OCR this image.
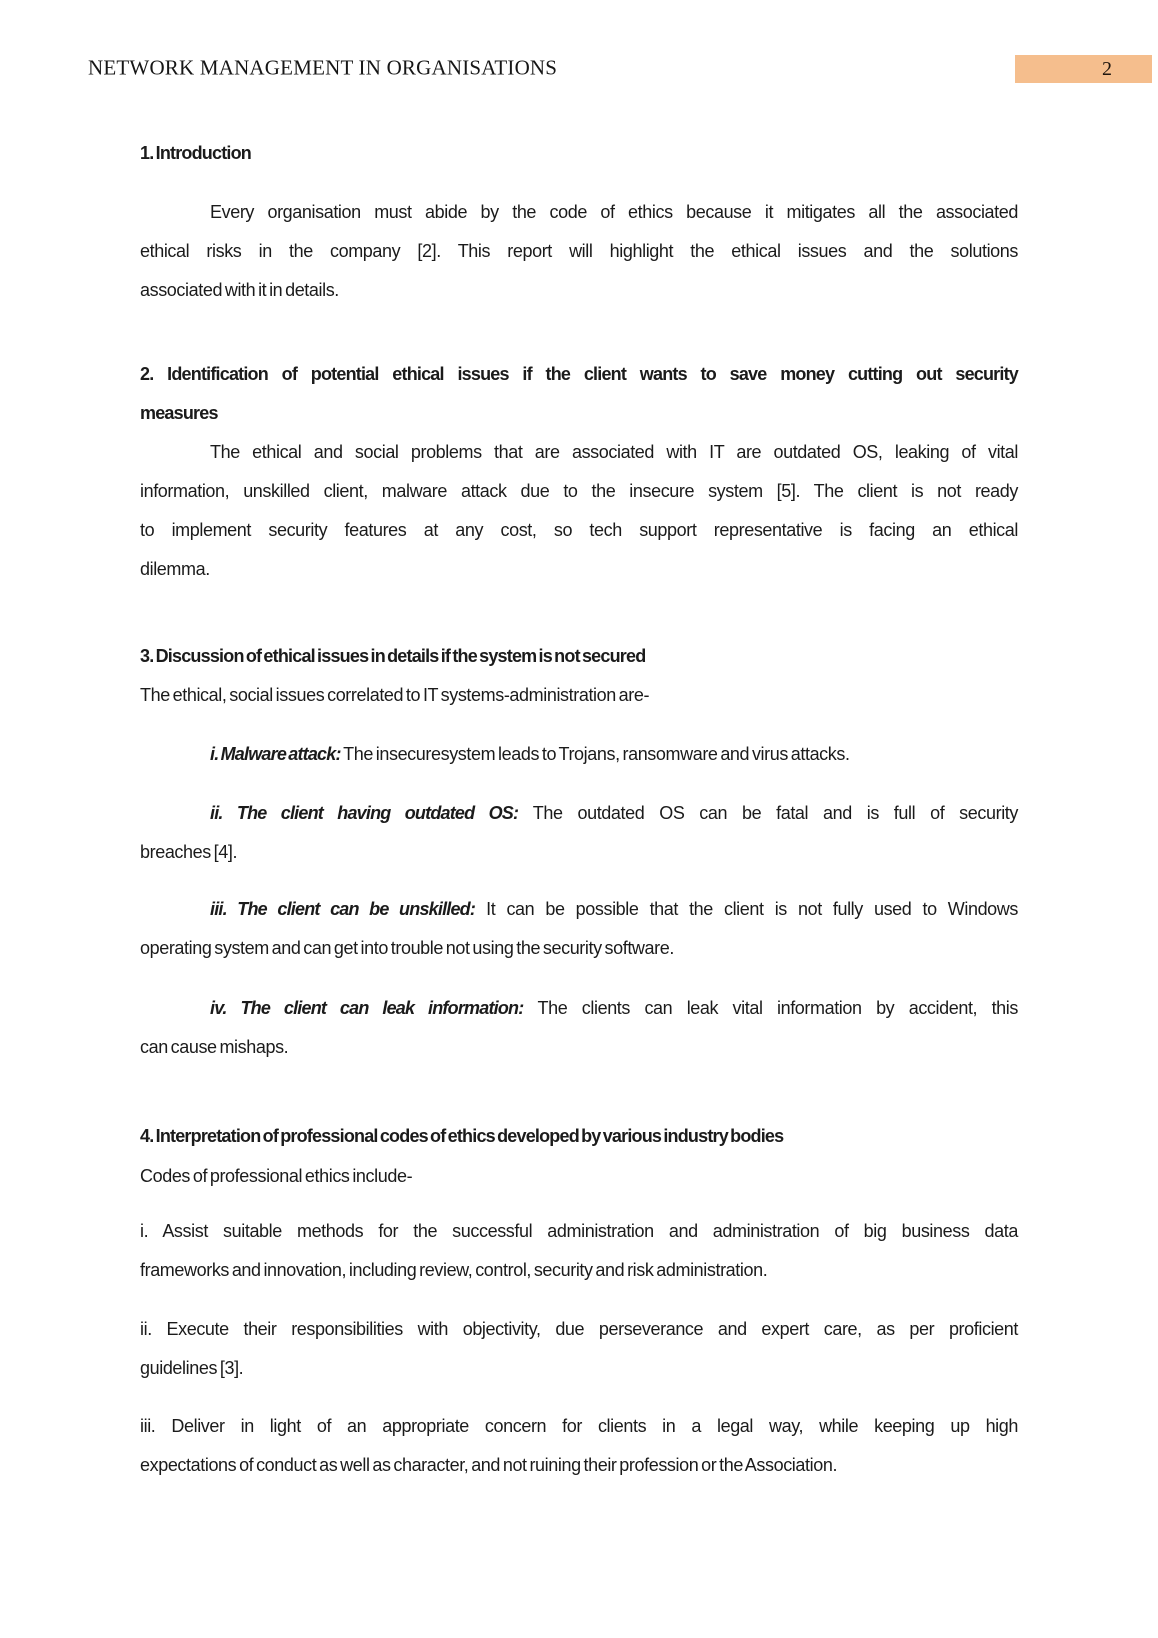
NETWORK MANAGEMENT IN ORGANISATIONS	2
1. Introduction
Every organisation must abide by the code of ethics because it mitigates all the associated
ethical risks in the company [2]. This report will highlight the ethical issues and the solutions
associated with it in details.
2. Identification of potential ethical issues if the client wants to save money cutting out security
measures
The ethical and social problems that are associated with IT are outdated OS, leaking of vital
information, unskilled client, malware attack due to the insecure system [5]. The client is not ready
to implement security features at any cost, so tech support representative is facing an ethical
dilemma.
3. Discussion of ethical issues in details if the system is not secured
The ethical, social issues correlated to IT systems-administration are-
i. Malware attack: The insecuresystem leads to Trojans, ransomware and virus attacks.
ii. The client having outdated OS: The outdated OS can be fatal and is full of security
breaches [4].
iii. The client can be unskilled: It can be possible that the client is not fully used to Windows
operating system and can get into trouble not using the security software.
iv. The client can leak information: The clients can leak vital information by accident, this
can cause mishaps.
4. Interpretation of professional codes of ethics developed by various industry bodies
Codes of professional ethics include-
i. Assist suitable methods for the successful administration and administration of big business data
frameworks and innovation, including review, control, security and risk administration.
ii. Execute their responsibilities with objectivity, due perseverance and expert care, as per proficient
guidelines [3].
iii. Deliver in light of an appropriate concern for clients in a legal way, while keeping up high
expectations of conduct as well as character, and not ruining their profession or the Association.
